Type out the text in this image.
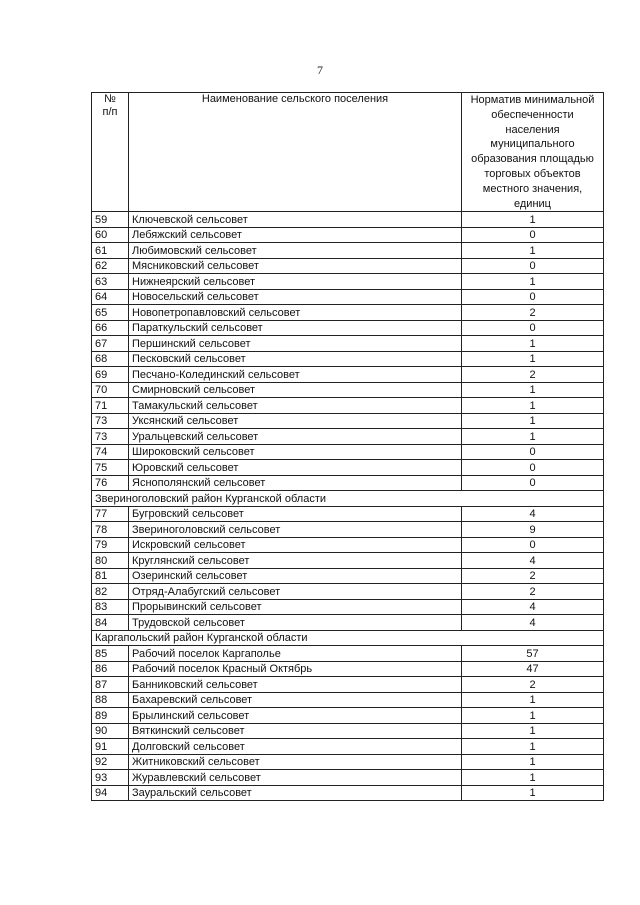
7
№
п/п	Наименование сельского поселения	Норматив минимальной обеспеченности населения муниципального образования площадью торговых объектов местного значения, единиц
59	Ключевской сельсовет	1
60	Лебяжский сельсовет	0
61	Любимовский сельсовет	1
62	Мясниковский сельсовет	0
63	Нижнеярский сельсовет	1
64	Новосельский сельсовет	0
65	Новопетропавловский сельсовет	2
66	Параткульский сельсовет	0
67	Першинский сельсовет	1
68	Песковский сельсовет	1
69	Песчано-Колединский сельсовет	2
70	Смирновский сельсовет	1
71	Тамакульский сельсовет	1
73	Уксянский сельсовет	1
73	Уральцевский сельсовет	1
74	Широковский сельсовет	0
75	Юровский сельсовет	0
76	Яснополянский сельсовет	0
Звериноголовский район Курганской области		
77	Бугровский сельсовет	4
78	Звериноголовский сельсовет	9
79	Искровский сельсовет	0
80	Круглянский сельсовет	4
81	Озеринский сельсовет	2
82	Отряд-Алабугский сельсовет	2
83	Прорывинский сельсовет	4
84	Трудовской сельсовет	4
Каргапольский район Курганской области		
85	Рабочий поселок Каргаполье	57
86	Рабочий поселок Красный Октябрь	47
87	Банниковский сельсовет	2
88	Бахаревский сельсовет	1
89	Брылинский сельсовет	1
90	Вяткинский сельсовет	1
91	Долговский сельсовет	1
92	Житниковский сельсовет	1
93	Журавлевский сельсовет	1
94	Зауральский сельсовет	1
